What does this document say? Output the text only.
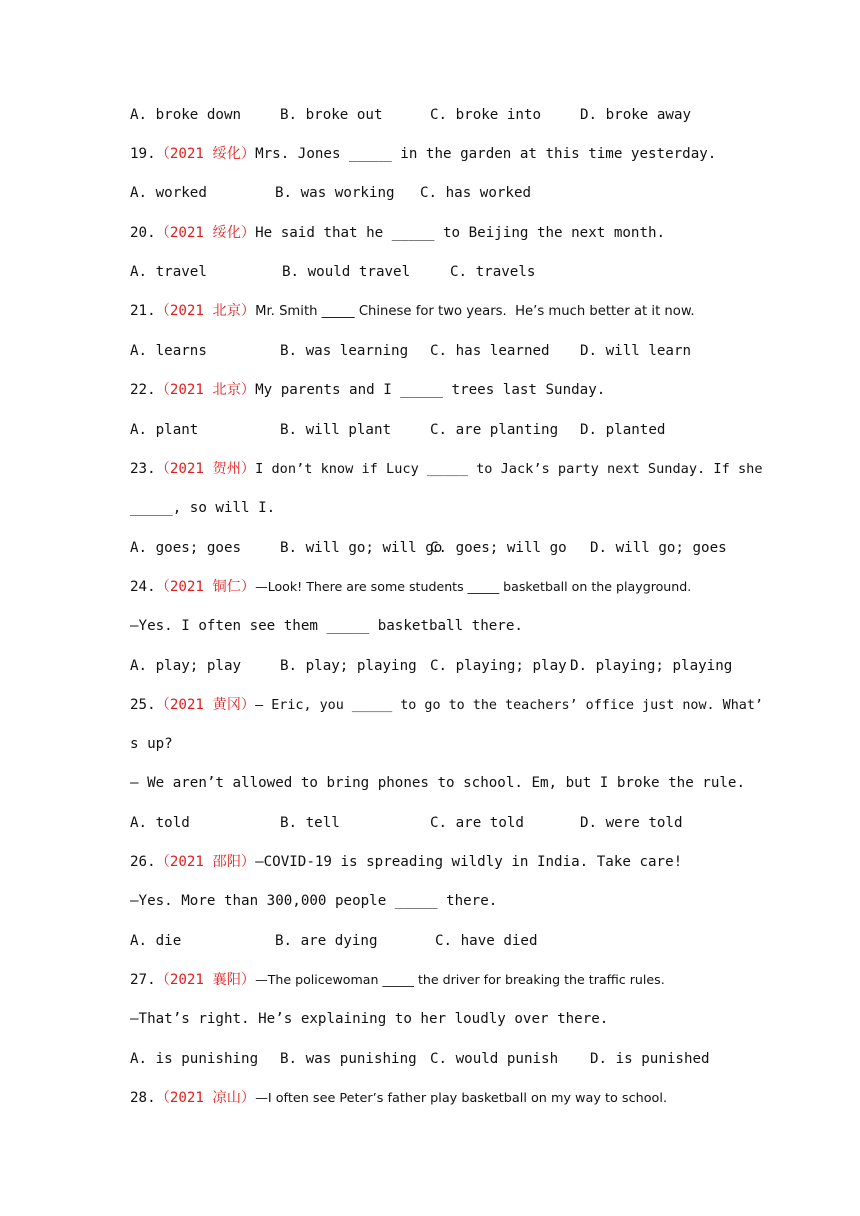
A. broke down

	B. broke out

	C. broke into

	D. broke away

19.（2021 绥化）Mrs. Jones _____ in the garden at this time yesterday.

A. worked

	B. was working

C. has worked

20.（2021 绥化）He said that he _____ to Beijing the next month.

A. travel

	B. would travel

	C. travels

21.（2021 北京）Mr. Smith _____ Chinese for two years.  He’s much better at it now.

A. learns

	B. was learning

C. has learned

D. will learn

22.（2021 北京）My parents and I _____ trees last Sunday.

A. plant

	B. will plant

	C. are planting

D. planted

23.（2021 贺州）I don’t know if Lucy _____ to Jack’s party next Sunday. If she
_____, so will I.

A. goes; goes

	B. will go; will go

C. goes; will go

D. will go; goes

24.（2021 铜仁）—Look! There are some students _____ basketball on the playground.
—Yes. I often see them _____ basketball there.

A. play; play

	B. play; playing

C. playing; play

D. playing; playing

25.（2021 黄冈）— Eric, you _____ to go to the teachers’ office just now. What’
s up?
— We aren’t allowed to bring phones to school. Em, but I broke the rule.

A. told

	B. tell

	C. are told

	D. were told

26.（2021 邵阳）—COVID-19 is spreading wildly in India. Take care!
—Yes. More than 300,000 people _____ there.

A. die

	B. are dying

	C. have died

27.（2021 襄阳）—The policewoman _____ the driver for breaking the traffic rules.
—That’s right. He’s explaining to her loudly over there.

A. is punishing

B. was punishing

C. would punish

D. is punished

28.（2021 凉山）—I often see Peter’s father play basketball on my way to school.
